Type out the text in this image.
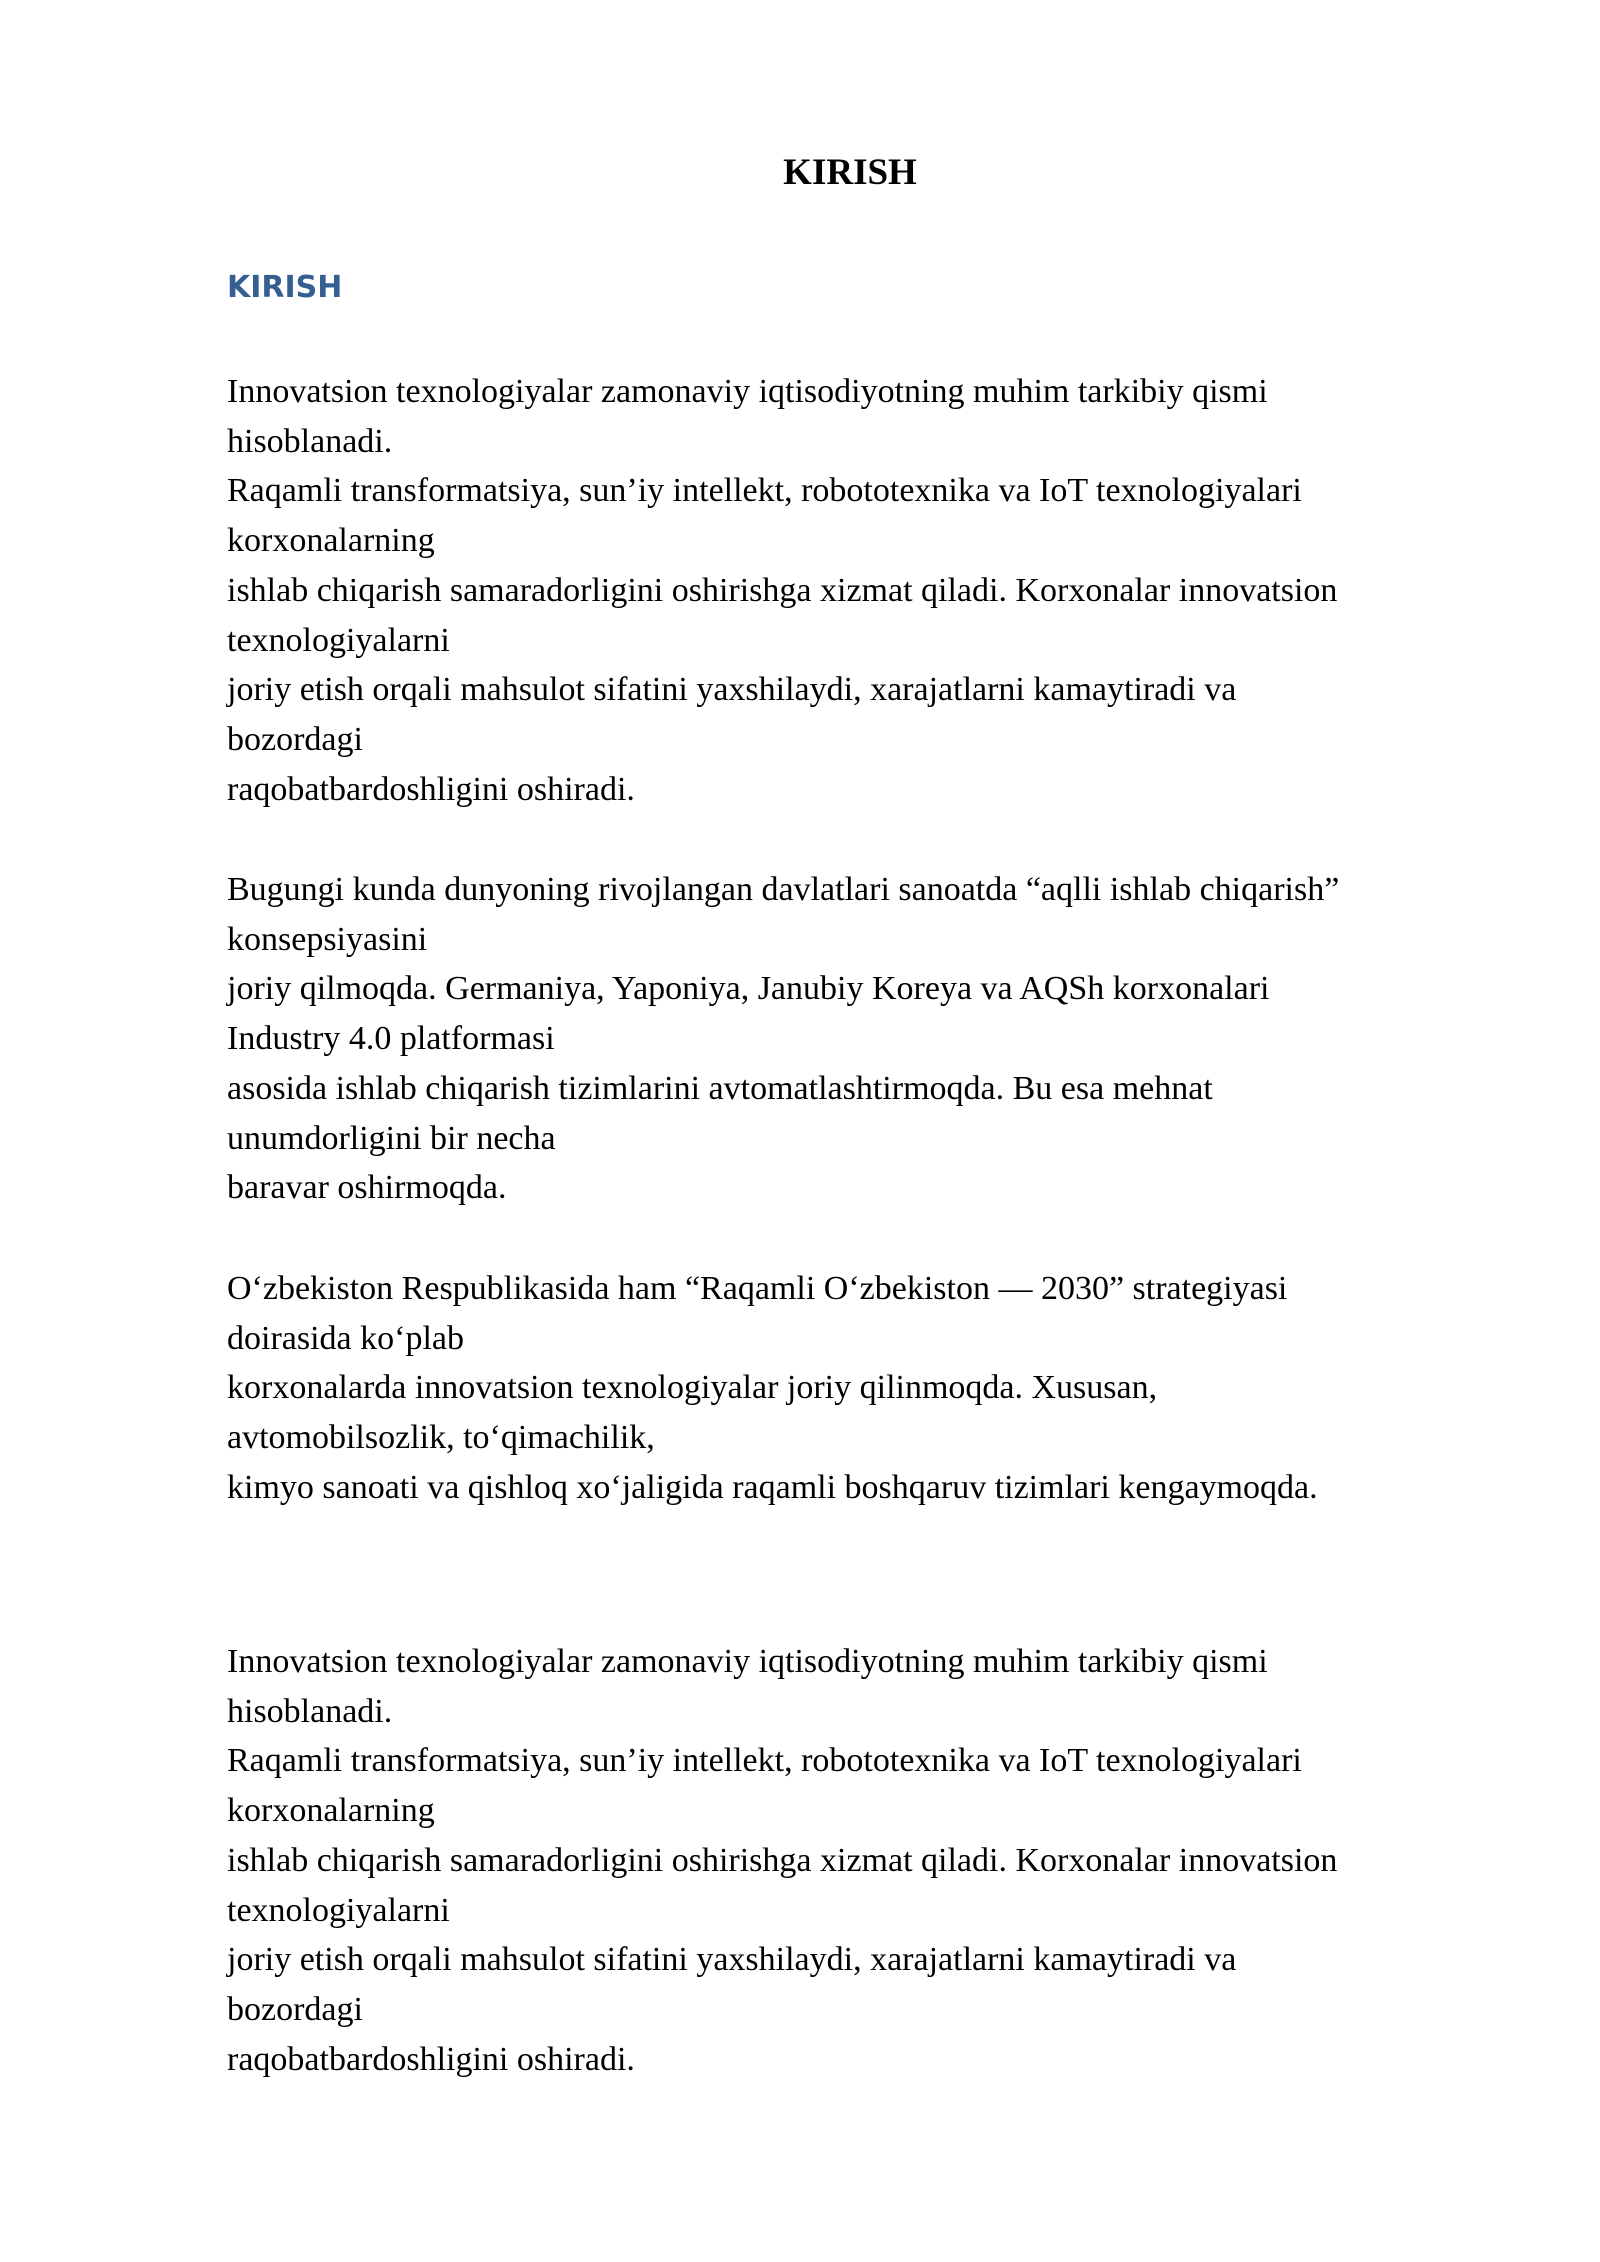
KIRISH
KIRISH
Innovatsion texnologiyalar zamonaviy iqtisodiyotning muhim tarkibiy qismi
hisoblanadi.
Raqamli transformatsiya, sun’iy intellekt, robototexnika va IoT texnologiyalari
korxonalarning
ishlab chiqarish samaradorligini oshirishga xizmat qiladi. Korxonalar innovatsion
texnologiyalarni
joriy etish orqali mahsulot sifatini yaxshilaydi, xarajatlarni kamaytiradi va
bozordagi
raqobatbardoshligini oshiradi.
Bugungi kunda dunyoning rivojlangan davlatlari sanoatda “aqlli ishlab chiqarish”
konsepsiyasini
joriy qilmoqda. Germaniya, Yaponiya, Janubiy Koreya va AQSh korxonalari
Industry 4.0 platformasi
asosida ishlab chiqarish tizimlarini avtomatlashtirmoqda. Bu esa mehnat
unumdorligini bir necha
baravar oshirmoqda.
O‘zbekiston Respublikasida ham “Raqamli O‘zbekiston — 2030” strategiyasi
doirasida ko‘plab
korxonalarda innovatsion texnologiyalar joriy qilinmoqda. Xususan,
avtomobilsozlik, to‘qimachilik,
kimyo sanoati va qishloq xo‘jaligida raqamli boshqaruv tizimlari kengaymoqda.
Innovatsion texnologiyalar zamonaviy iqtisodiyotning muhim tarkibiy qismi
hisoblanadi.
Raqamli transformatsiya, sun’iy intellekt, robototexnika va IoT texnologiyalari
korxonalarning
ishlab chiqarish samaradorligini oshirishga xizmat qiladi. Korxonalar innovatsion
texnologiyalarni
joriy etish orqali mahsulot sifatini yaxshilaydi, xarajatlarni kamaytiradi va
bozordagi
raqobatbardoshligini oshiradi.
